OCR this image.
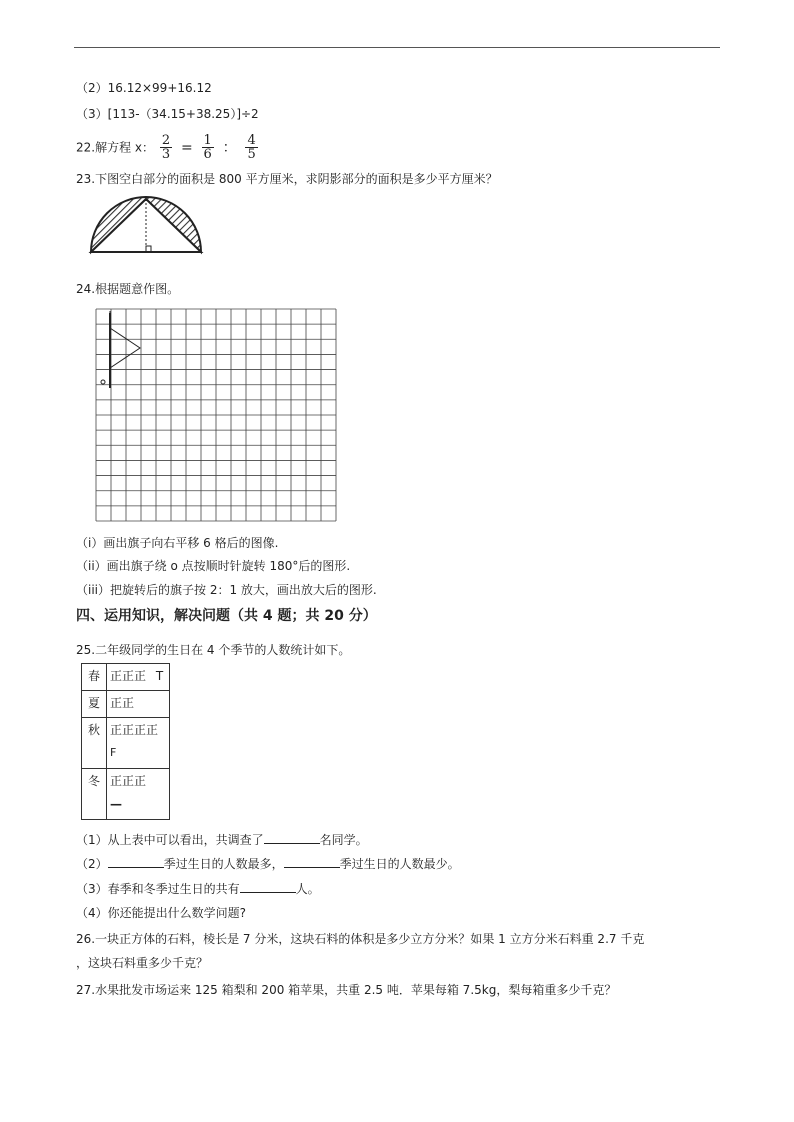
（2）16.12×99+16.12
（3）[113-（34.15+38.25）]÷2
22.解方程 x： $\frac{2}{3} = \frac{1}{6}$ ： $\frac{4}{5}$
23.下图空白部分的面积是 800 平方厘米，求阴影部分的面积是多少平方厘米？
24.根据题意作图。
（i）画出旗子向右平移 6 格后的图像.
（ii）画出旗子绕 o 点按顺时针旋转 180°后的图形.
（iii）把旋转后的旗子按 2：1 放大，画出放大后的图形.
四、运用知识，解决问题（共 4 题；共 20 分）
25.二年级同学的生日在 4 个季节的人数统计如下。
春	正正正 T
夏	正正
秋	正正正正
F

冬	正正正
—
（1）从上表中可以看出，共调查了	名同学。
（2）	季过生日的人数最多，	季过生日的人数最少。
（3）春季和冬季过生日的共有	人。
（4）你还能提出什么数学问题?
26.一块正方体的石料，棱长是 7 分米，这块石料的体积是多少立方分米？如果 1 立方分米石料重 2.7 千克
，这块石料重多少千克？
27.水果批发市场运来 125 箱梨和 200 箱苹果，共重 2.5 吨．苹果每箱 7.5kg，梨每箱重多少千克？
